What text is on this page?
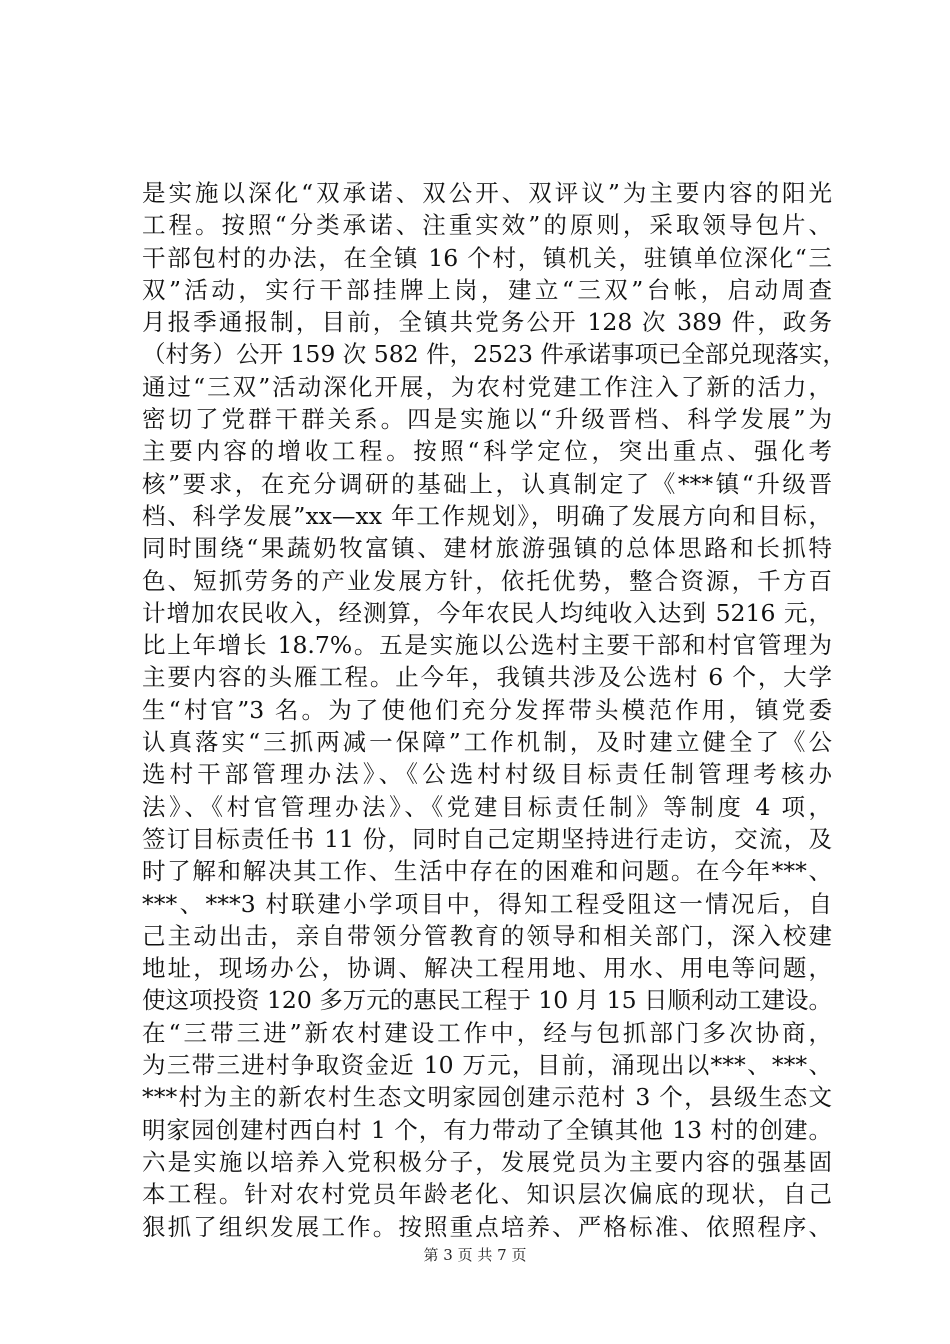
是实施以深化“双承诺、双公开、双评议”为主要内容的阳光
工程。按照“分类承诺、注重实效”的原则，采取领导包片、
干部包村的办法，在全镇 16 个村，镇机关，驻镇单位深化“三
双”活动，实行干部挂牌上岗，建立“三双”台帐，启动周查
月报季通报制，目前，全镇共党务公开 128 次 389 件，政务
（村务）公开 159 次 582 件，2523 件承诺事项已全部兑现落实，
通过“三双”活动深化开展，为农村党建工作注入了新的活力，
密切了党群干群关系。四是实施以“升级晋档、科学发展”为
主要内容的增收工程。按照“科学定位，突出重点、强化考
核”要求，在充分调研的基础上，认真制定了《***镇“升级晋
档、科学发展”xx—xx 年工作规划》，明确了发展方向和目标，
同时围绕“果蔬奶牧富镇、建材旅游强镇的总体思路和长抓特
色、短抓劳务的产业发展方针，依托优势，整合资源，千方百
计增加农民收入，经测算，今年农民人均纯收入达到 5216 元，
比上年增长 18.7%。五是实施以公选村主要干部和村官管理为
主要内容的头雁工程。止今年，我镇共涉及公选村 6 个，大学
生“村官”3 名。为了使他们充分发挥带头模范作用，镇党委
认真落实“三抓两减一保障”工作机制，及时建立健全了《公
选村干部管理办法》、《公选村村级目标责任制管理考核办
法》、《村官管理办法》、《党建目标责任制》等制度 4 项，
签订目标责任书 11 份，同时自己定期坚持进行走访，交流，及
时了解和解决其工作、生活中存在的困难和问题。在今年***、
***、***3 村联建小学项目中，得知工程受阻这一情况后，自
己主动出击，亲自带领分管教育的领导和相关部门，深入校建
地址，现场办公，协调、解决工程用地、用水、用电等问题，
使这项投资 120 多万元的惠民工程于 10 月 15 日顺利动工建设。
在“三带三进”新农村建设工作中，经与包抓部门多次协商，
为三带三进村争取资金近 10 万元，目前，涌现出以***、***、
***村为主的新农村生态文明家园创建示范村 3 个，县级生态文
明家园创建村西白村 1 个，有力带动了全镇其他 13 村的创建。
六是实施以培养入党积极分子，发展党员为主要内容的强基固
本工程。针对农村党员年龄老化、知识层次偏底的现状，自己
狠抓了组织发展工作。按照重点培养、严格标准、依照程序、
第 3 页 共 7 页
